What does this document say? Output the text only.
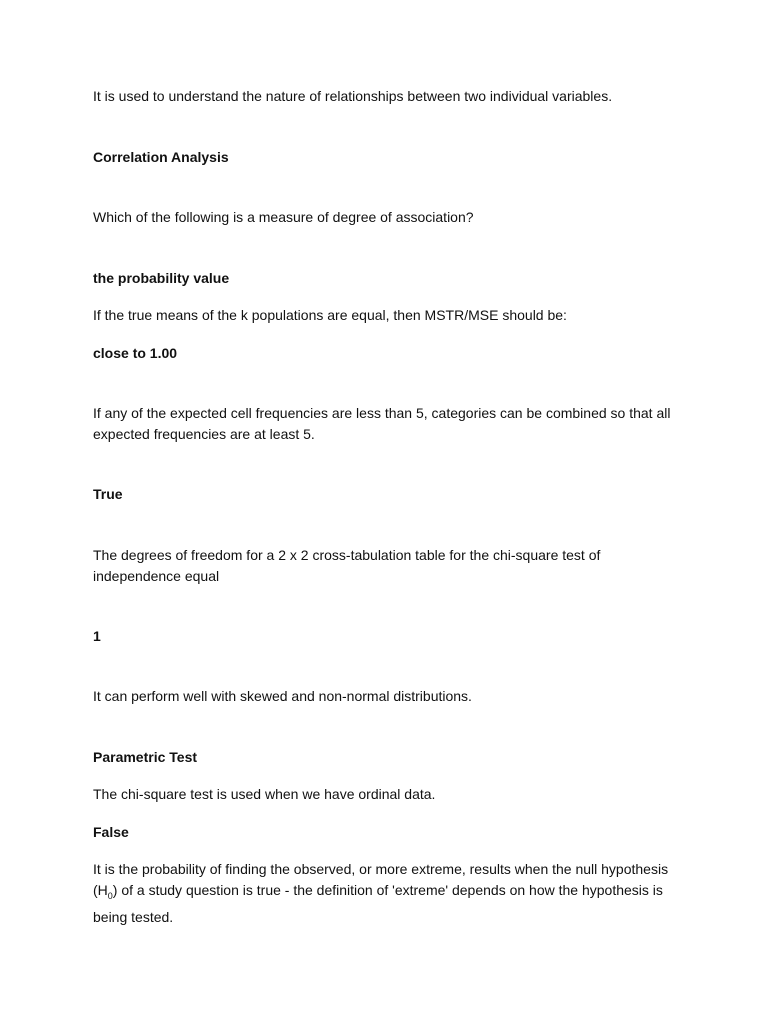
It is used to understand the nature of relationships between two individual variables.

Correlation Analysis

Which of the following is a measure of degree of association?

the probability value

If the true means of the k populations are equal, then MSTR/MSE should be:

close to 1.00

If any of the expected cell frequencies are less than 5, categories can be combined so that all expected frequencies are at least 5.

True

The degrees of freedom for a 2 x 2 cross-tabulation table for the chi-square test of independence equal

1

It can perform well with skewed and non-normal distributions.

Parametric Test

The chi-square test is used when we have ordinal data.

False

It is the probability of finding the observed, or more extreme, results when the null hypothesis $(H_0)$ of a study question is true - the definition of 'extreme' depends on how the hypothesis is being tested.
